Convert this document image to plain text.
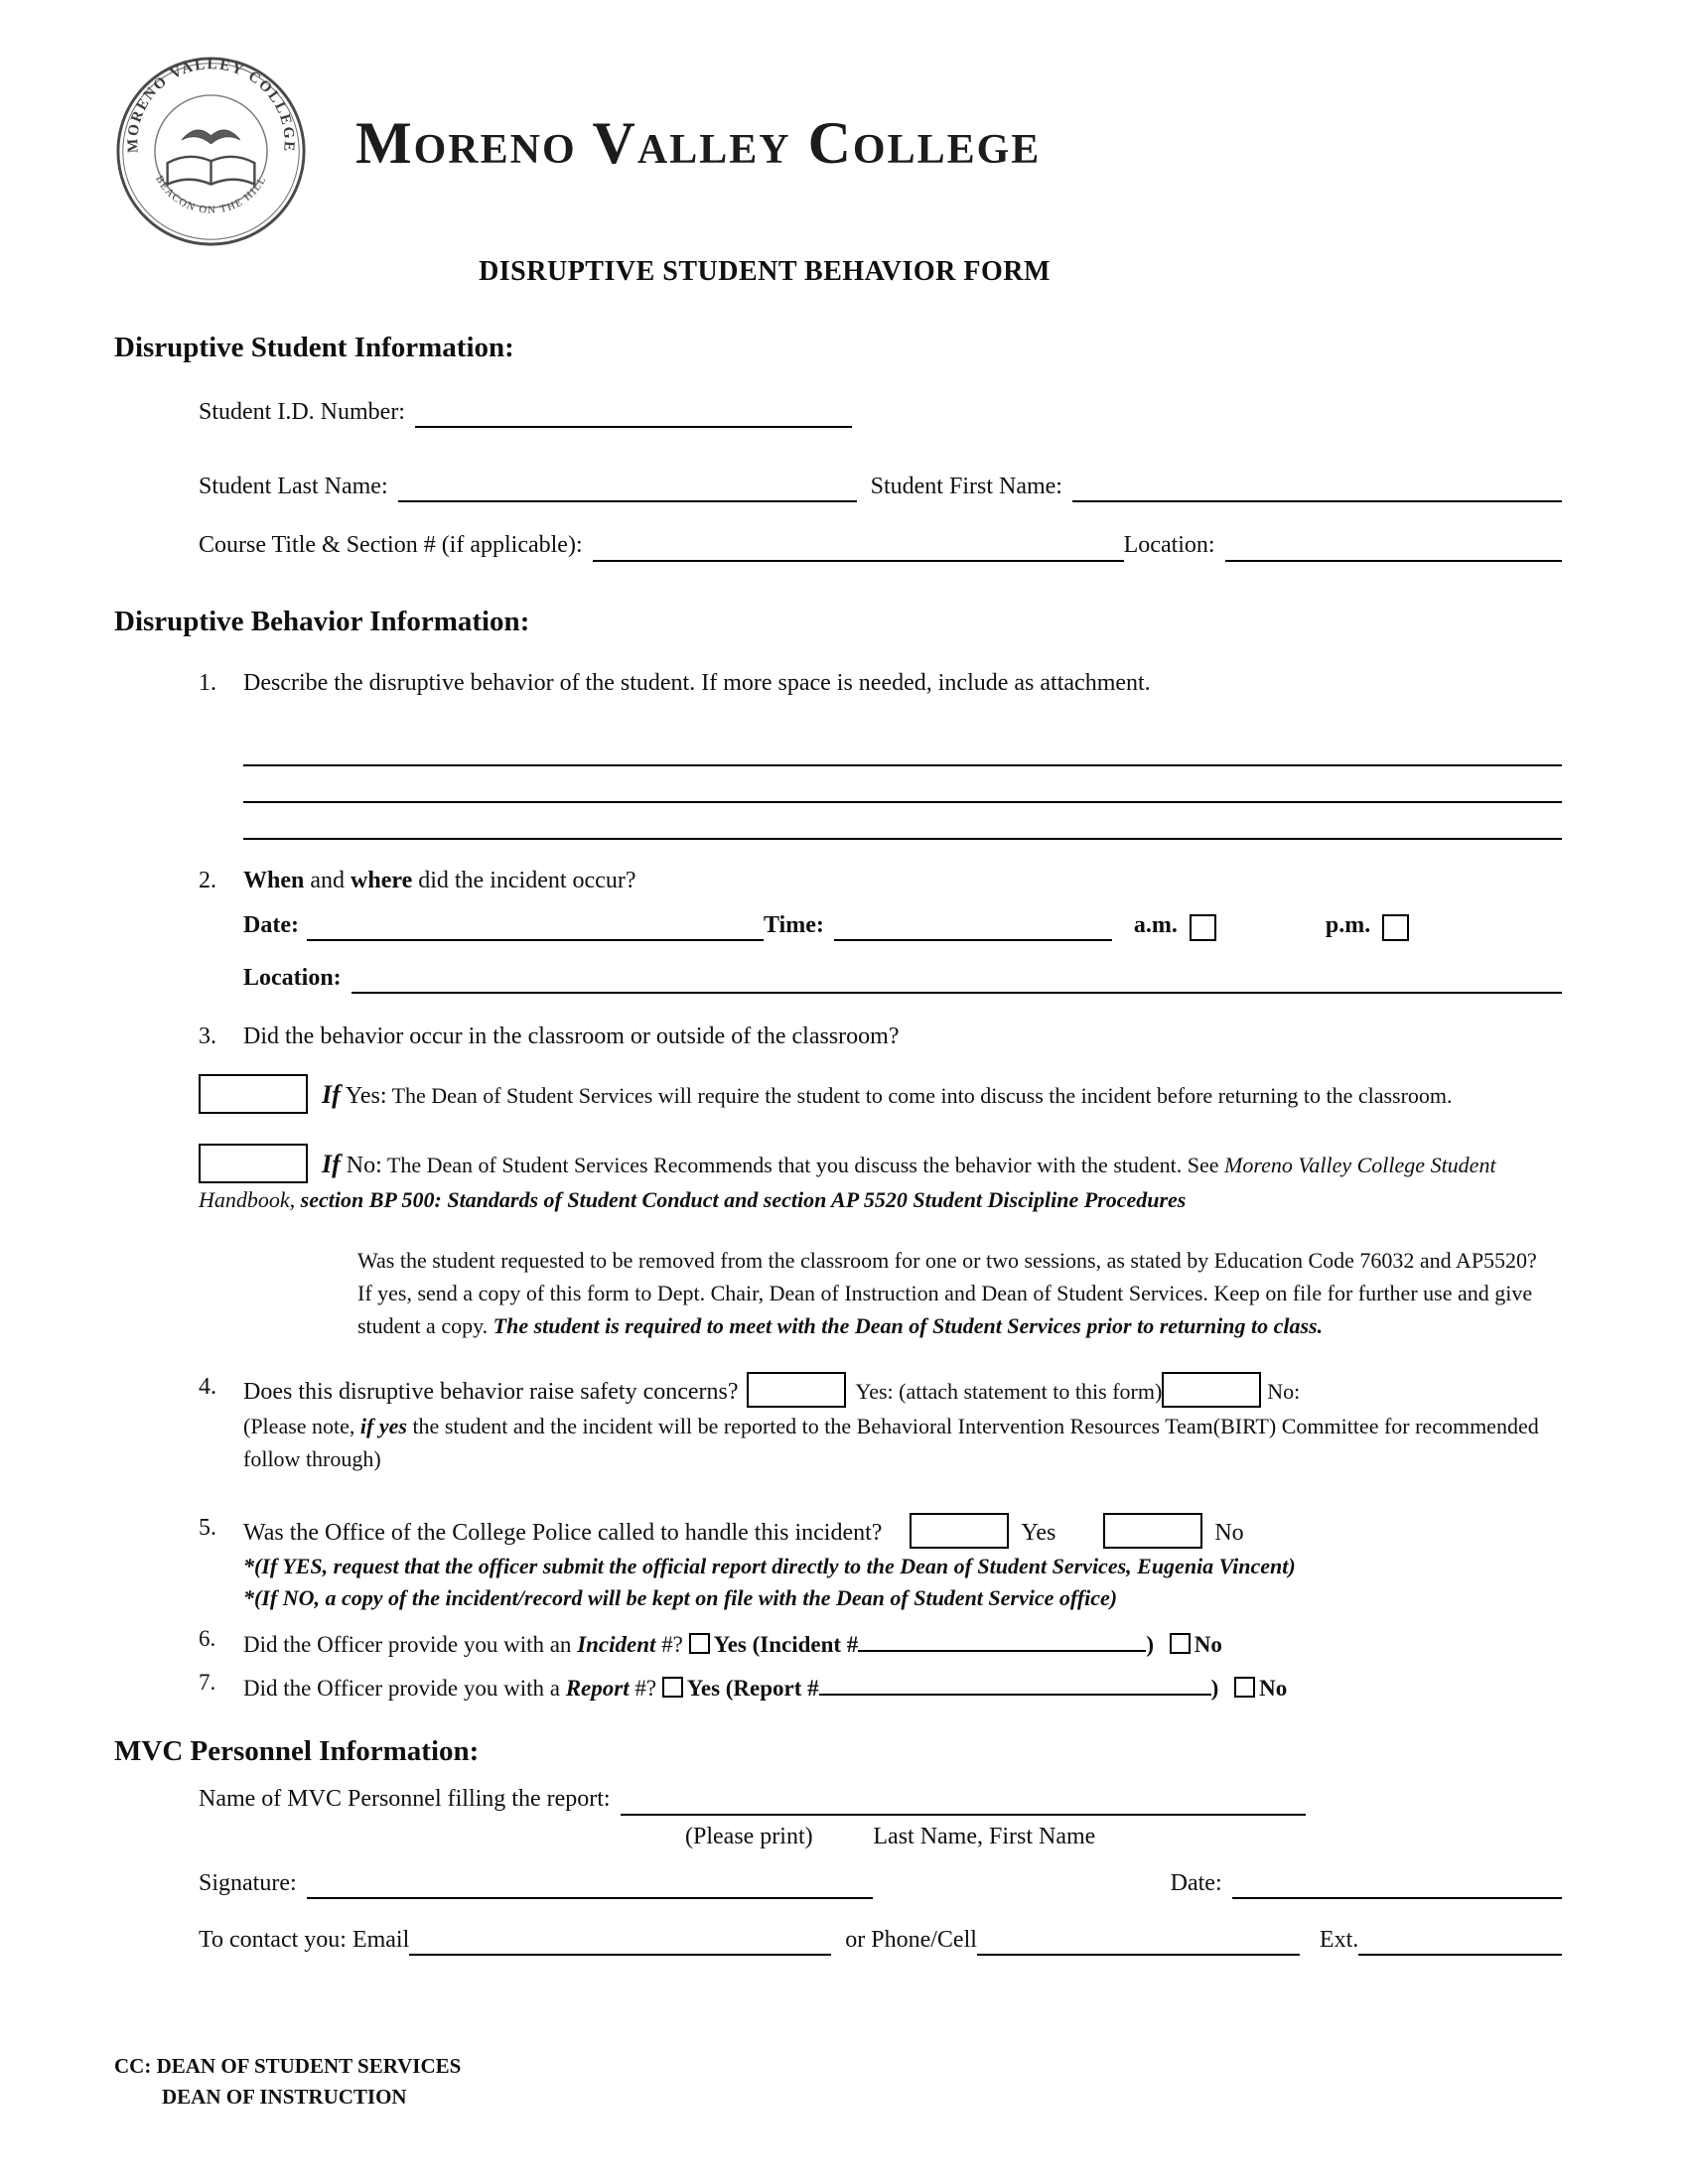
MORENO VALLEY COLLEGE
BEACON ON THE HILL
Moreno Valley College
DISRUPTIVE STUDENT BEHAVIOR FORM
Disruptive Student Information:
Student I.D. Number:
Student Last Name:	Student First Name:
Course Title & Section # (if applicable):	Location:
Disruptive Behavior Information:
1.	Describe the disruptive behavior of the student. If more space is needed, include as attachment.
2.	When and where did the incident occur?
Date:	Time:	a.m.	p.m.
Location:
3.	Did the behavior occur in the classroom or outside of the classroom?
If Yes: The Dean of Student Services will require the student to come into discuss the incident before returning to the classroom.
If No: The Dean of Student Services Recommends that you discuss the behavior with the student. See Moreno Valley College Student Handbook, section BP 500: Standards of Student Conduct and section AP 5520 Student Discipline Procedures
Was the student requested to be removed from the classroom for one or two sessions, as stated by Education Code 76032 and AP5520? If yes, send a copy of this form to Dept. Chair, Dean of Instruction and Dean of Student Services. Keep on file for further use and give student a copy. The student is required to meet with the Dean of Student Services prior to returning to class.
4.	Does this disruptive behavior raise safety concerns?	Yes: (attach statement to this form)	No:
(Please note, if yes the student and the incident will be reported to the Behavioral Intervention Resources Team(BIRT) Committee for recommended follow through)
5.	Was the Office of the College Police called to handle this incident?	Yes	No
*(If YES, request that the officer submit the official report directly to the Dean of Student Services, Eugenia Vincent)
*(If NO, a copy of the incident/record will be kept on file with the Dean of Student Service office)
6.	Did the Officer provide you with an Incident #? Yes (Incident #	) No
7.	Did the Officer provide you with a Report #? Yes (Report #	) No
MVC Personnel Information:
Name of MVC Personnel filling the report:
(Please print)	Last Name, First Name
Signature:	Date:
To contact you: Email	or Phone/Cell	Ext.
CC: DEAN OF STUDENT SERVICES
DEAN OF INSTRUCTION
